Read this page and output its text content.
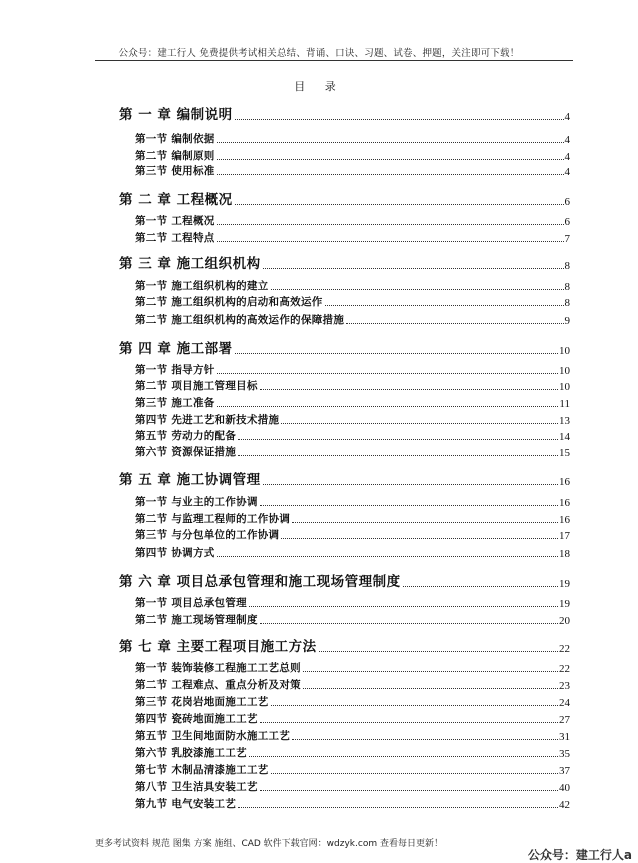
公众号：建工行人 免费提供考试相关总结、背诵、口诀、习题、试卷、押题，关注即可下载！
目 录
第 一 章 编制说明	4
第一节 编制依据	4
第二节 编制原则	4
第三节 使用标准	4
第 二 章 工程概况	6
第一节 工程概况	6
第二节 工程特点	7
第 三 章 施工组织机构	8
第一节 施工组织机构的建立	8
第二节 施工组织机构的启动和高效运作	8
第二节 施工组织机构的高效运作的保障措施	9
第 四 章 施工部署	10
第一节 指导方针	10
第二节 项目施工管理目标	10
第三节 施工准备	11
第四节 先进工艺和新技术措施	13
第五节 劳动力的配备	14
第六节 资源保证措施	15
第 五 章 施工协调管理	16
第一节 与业主的工作协调	16
第二节 与监理工程师的工作协调	16
第三节 与分包单位的工作协调	17
第四节 协调方式	18
第 六 章 项目总承包管理和施工现场管理制度	19
第一节 项目总承包管理	19
第二节 施工现场管理制度	20
第 七 章 主要工程项目施工方法	22
第一节 装饰装修工程施工工艺总则	22
第二节 工程难点、重点分析及对策	23
第三节 花岗岩地面施工工艺	24
第四节 瓷砖地面施工工艺	27
第五节 卫生间地面防水施工工艺	31
第六节 乳胶漆施工工艺	35
第七节 木制品清漆施工工艺	37
第八节 卫生洁具安装工艺	40
第九节 电气安装工艺	42
更多考试资料 规范 图集 方案 施组、CAD 软件下载官网：wdzyk.com 查看每日更新！
公众号：建工行人a
